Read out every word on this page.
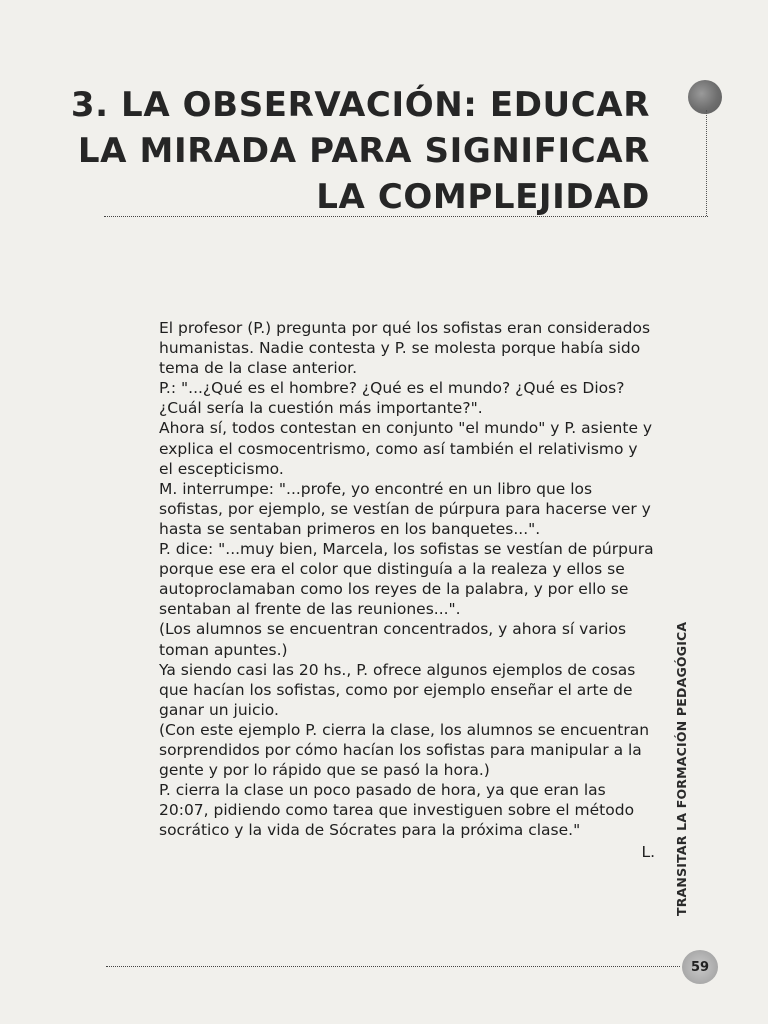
3. LA OBSERVACIÓN: EDUCAR
LA MIRADA PARA SIGNIFICAR
LA COMPLEJIDAD

El profesor (P.) pregunta por qué los sofistas eran considerados humanistas. Nadie contesta y P. se molesta porque había sido tema de la clase anterior.

P.: "...¿Qué es el hombre? ¿Qué es el mundo? ¿Qué es Dios? ¿Cuál sería la cuestión más importante?".

Ahora sí, todos contestan en conjunto "el mundo" y P. asiente y explica el cosmocentrismo, como así también el relativismo y el escepticismo.

M. interrumpe: "...profe, yo encontré en un libro que los sofistas, por ejemplo, se vestían de púrpura para hacerse ver y hasta se sentaban primeros en los banquetes...".

P. dice: "...muy bien, Marcela, los sofistas se vestían de púrpura porque ese era el color que distinguía a la realeza y ellos se autoproclamaban como los reyes de la palabra, y por ello se sentaban al frente de las reuniones...".

(Los alumnos se encuentran concentrados, y ahora sí varios toman apuntes.)

Ya siendo casi las 20 hs., P. ofrece algunos ejemplos de cosas que hacían los sofistas, como por ejemplo enseñar el arte de ganar un juicio.

(Con este ejemplo P. cierra la clase, los alumnos se encuentran sorprendidos por cómo hacían los sofistas para manipular a la gente y por lo rápido que se pasó la hora.)

P. cierra la clase un poco pasado de hora, ya que eran las 20:07, pidiendo como tarea que investiguen sobre el método socrático y la vida de Sócrates para la próxima clase."

L. TRANSITAR LA FORMACIÓN PEDAGÓGICA
59
